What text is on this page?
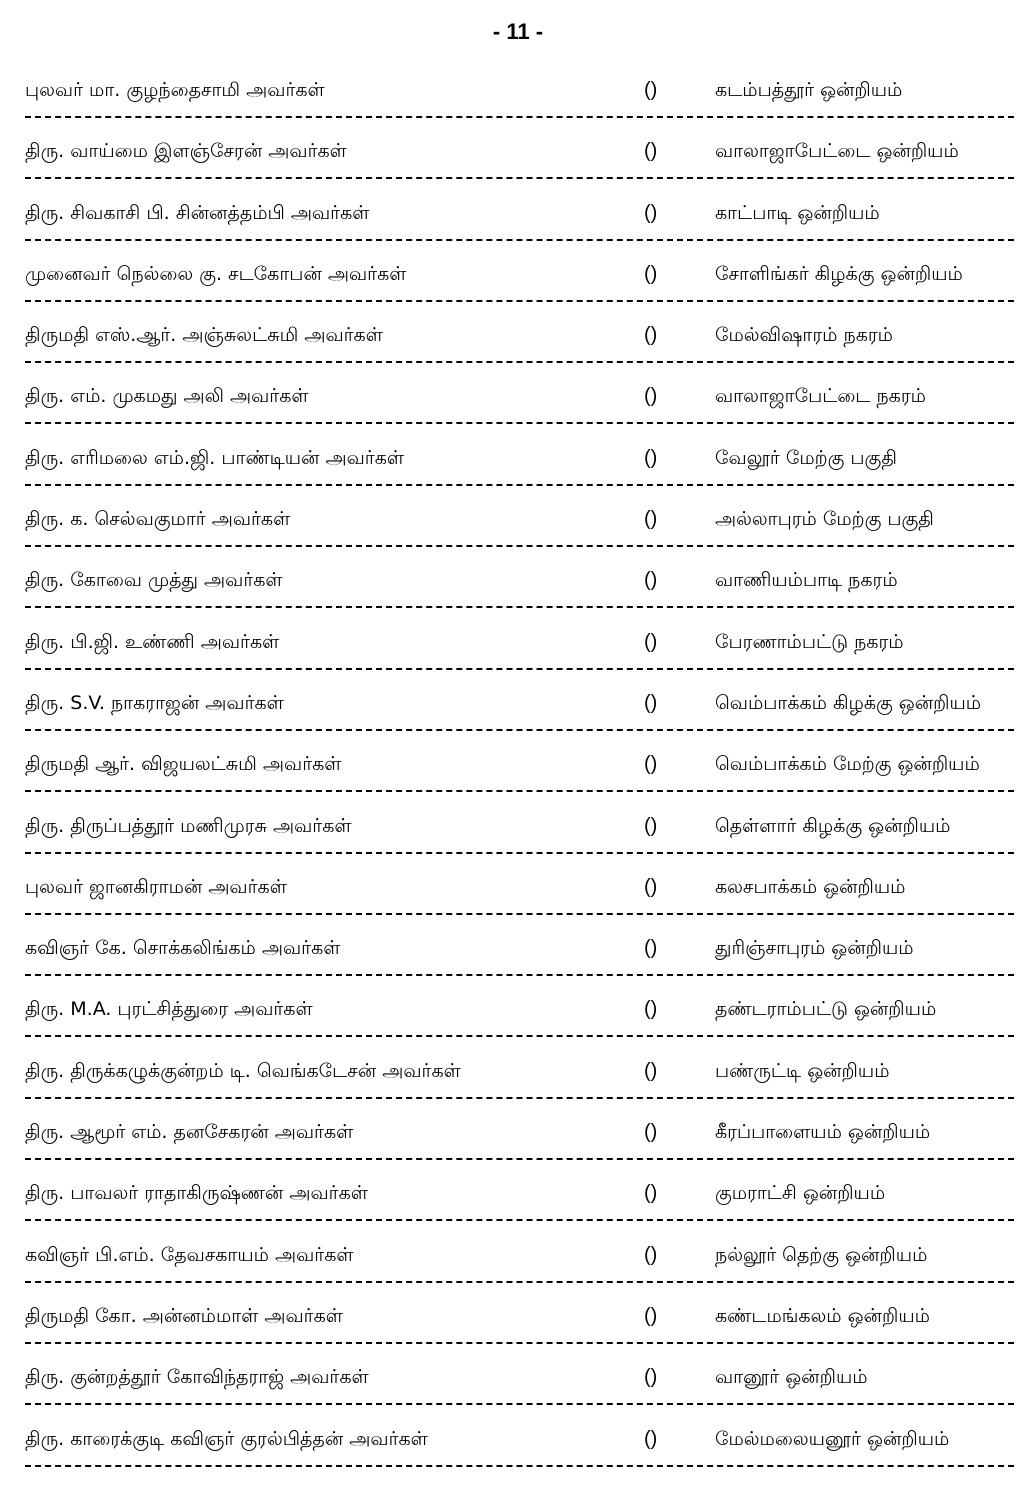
- 11 -
புலவர் மா. குழந்தைசாமி அவர்கள்	()	கடம்பத்தூர் ஒன்றியம்
திரு. வாய்மை இளஞ்சேரன் அவர்கள்	()	வாலாஜாபேட்டை ஒன்றியம்
திரு. சிவகாசி பி. சின்னத்தம்பி அவர்கள்	()	காட்பாடி ஒன்றியம்
முனைவர் நெல்லை கு. சடகோபன் அவர்கள்	()	சோளிங்கர் கிழக்கு ஒன்றியம்
திருமதி எஸ்.ஆர். அஞ்சுலட்சுமி அவர்கள்	()	மேல்விஷாரம் நகரம்
திரு. எம். முகமது அலி அவர்கள்	()	வாலாஜாபேட்டை நகரம்
திரு. எரிமலை எம்.ஜி. பாண்டியன் அவர்கள்	()	வேலூர் மேற்கு பகுதி
திரு. க. செல்வகுமார் அவர்கள்	()	அல்லாபுரம் மேற்கு பகுதி
திரு. கோவை முத்து அவர்கள்	()	வாணியம்பாடி நகரம்
திரு. பி.ஜி. உண்ணி அவர்கள்	()	பேரணாம்பட்டு நகரம்
திரு. S.V. நாகராஜன் அவர்கள்	()	வெம்பாக்கம் கிழக்கு ஒன்றியம்
திருமதி ஆர். விஜயலட்சுமி அவர்கள்	()	வெம்பாக்கம் மேற்கு ஒன்றியம்
திரு. திருப்பத்தூர் மணிமுரசு அவர்கள்	()	தெள்ளார் கிழக்கு ஒன்றியம்
புலவர் ஜானகிராமன் அவர்கள்	()	கலசபாக்கம் ஒன்றியம்
கவிஞர் கே. சொக்கலிங்கம் அவர்கள்	()	துரிஞ்சாபுரம் ஒன்றியம்
திரு. M.A. புரட்சித்துரை அவர்கள்	()	தண்டராம்பட்டு ஒன்றியம்
திரு. திருக்கழுக்குன்றம் டி. வெங்கடேசன் அவர்கள்	()	பண்ருட்டி ஒன்றியம்
திரு. ஆமூர் எம். தனசேகரன் அவர்கள்	()	கீரப்பாளையம் ஒன்றியம்
திரு. பாவலர் ராதாகிருஷ்ணன் அவர்கள்	()	குமராட்சி ஒன்றியம்
கவிஞர் பி.எம். தேவசகாயம் அவர்கள்	()	நல்லூர் தெற்கு ஒன்றியம்
திருமதி கோ. அன்னம்மாள் அவர்கள்	()	கண்டமங்கலம் ஒன்றியம்
திரு. குன்றத்தூர் கோவிந்தராஜ் அவர்கள்	()	வானூர் ஒன்றியம்
திரு. காரைக்குடி கவிஞர் குரல்பித்தன் அவர்கள்	()	மேல்மலையனூர் ஒன்றியம்
